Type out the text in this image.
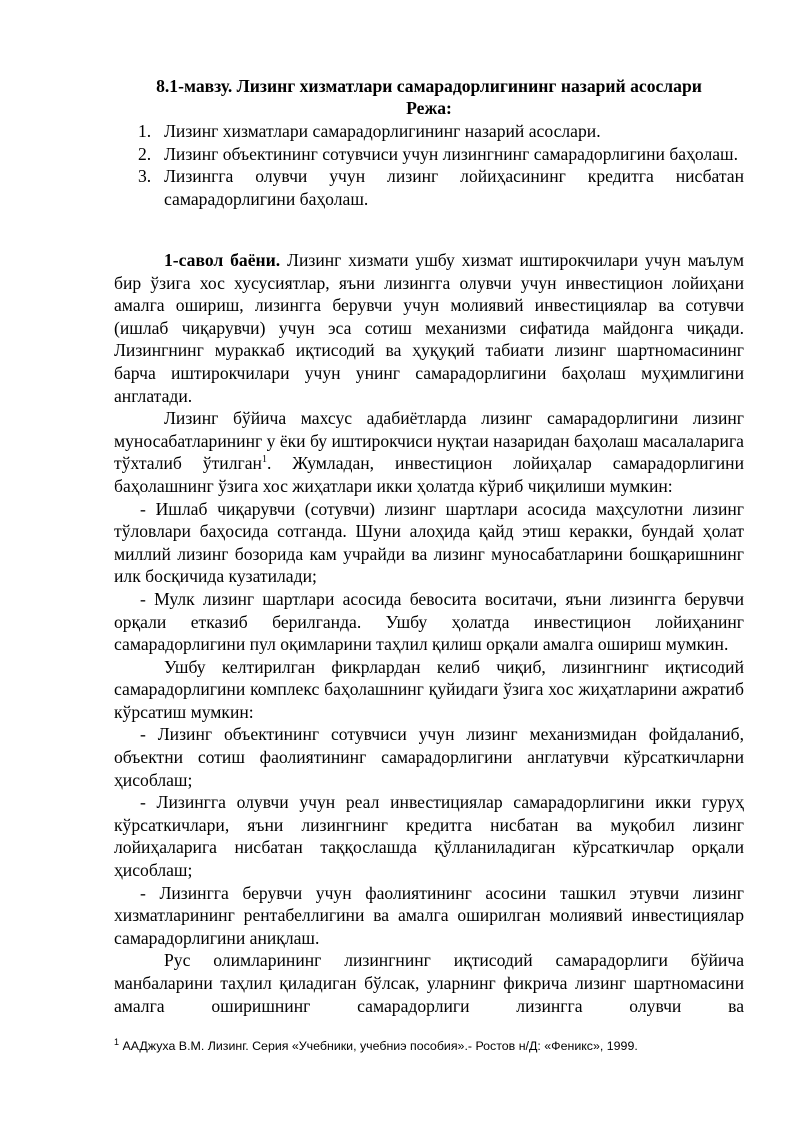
8.1-мавзу. Лизинг хизматлари самарадорлигининг назарий асослари
Режа:
1. Лизинг хизматлари самарадорлигининг назарий асослари.
2. Лизинг объектининг сотувчиси учун лизингнинг самарадорлигини баҳолаш.
3. Лизингга олувчи учун лизинг лойиҳасининг кредитга нисбатан самарадорлигини баҳолаш.

1-савол баёни. Лизинг хизмати ушбу хизмат иштирокчилари учун маълум бир ўзига хос хусусиятлар, яъни лизингга олувчи учун инвестицион лойиҳани амалга ошириш, лизингга берувчи учун молиявий инвестициялар ва сотувчи (ишлаб чиқарувчи) учун эса сотиш механизми сифатида майдонга чиқади. Лизингнинг мураккаб иқтисодий ва ҳуқуқий табиати лизинг шартномасининг барча иштирокчилари учун унинг самарадорлигини баҳолаш муҳимлигини англатади.

Лизинг бўйича махсус адабиётларда лизинг самарадорлигини лизинг муносабатларининг у ёки бу иштирокчиси нуқтаи назаридан баҳолаш масалаларига тўхталиб ўтилган$^1$. Жумладан, инвестицион лойиҳалар самарадорлигини баҳолашнинг ўзига хос жиҳатлари икки ҳолатда кўриб чиқилиши мумкин:

- Ишлаб чиқарувчи (сотувчи) лизинг шартлари асосида маҳсулотни лизинг тўловлари баҳосида сотганда. Шуни алоҳида қайд этиш керакки, бундай ҳолат миллий лизинг бозорида кам учрайди ва лизинг муносабатларини бошқаришнинг илк босқичида кузатилади;

- Мулк лизинг шартлари асосида бевосита воситачи, яъни лизингга берувчи орқали етказиб берилганда. Ушбу ҳолатда инвестицион лойиҳанинг самарадорлигини пул оқимларини таҳлил қилиш орқали амалга ошириш мумкин.

Ушбу келтирилган фикрлардан келиб чиқиб, лизингнинг иқтисодий самарадорлигини комплекс баҳолашнинг қуйидаги ўзига хос жиҳатларини ажратиб кўрсатиш мумкин:

- Лизинг объектининг сотувчиси учун лизинг механизмидан фойдаланиб, объектни сотиш фаолиятининг самарадорлигини англатувчи кўрсаткичларни ҳисоблаш;

- Лизингга олувчи учун реал инвестициялар самарадорлигини икки гуруҳ кўрсаткичлари, яъни лизингнинг кредитга нисбатан ва муқобил лизинг лойиҳаларига нисбатан таққослашда қўлланиладиган кўрсаткичлар орқали ҳисоблаш;

- Лизингга берувчи учун фаолиятининг асосини ташкил этувчи лизинг хизматларининг рентабеллигини ва амалга оширилган молиявий инвестициялар самарадорлигини аниқлаш.

Рус олимларининг лизингнинг иқтисодий самарадорлиги бўйича манбаларини таҳлил қиладиган бўлсак, уларнинг фикрича лизинг шартномасини амалга оширишнинг самарадорлиги лизингга олувчи ва

$^1$ ААДжуха В.М. Лизинг. Серия «Учебники, учебниэ пособия».- Ростов н/Д: «Феникс», 1999.
